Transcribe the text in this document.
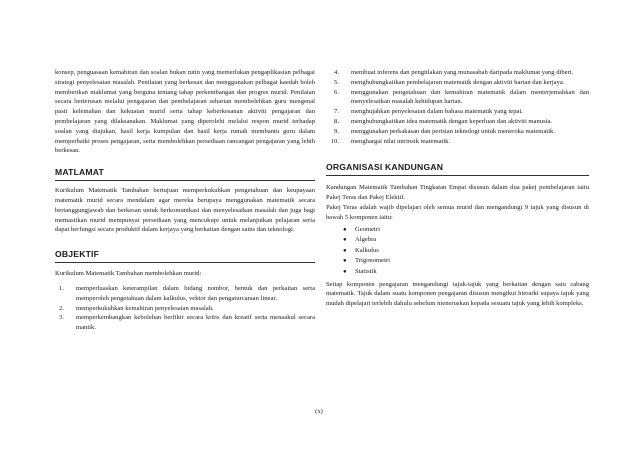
konsep, penguasaan kemahiran dan soalan bukan rutin yang memerlukan pengaplikasian pelbagai strategi penyelesaian masalah. Penilaian yang berkesan dan menggunakan pelbagai kaedah boleh memberikan maklumat yang berguna tentang tahap perkembangan dan progres murid. Penilaian secara berterusan melalui pengajaran dan pembelajaran seharian membolehkan guru mengenal pasti kelemahan dan kekuatan murid serta tahap keberkesanan aktiviti pengajaran dan pembelajaran yang dilaksanakan. Maklumat yang diperolehi melalui respon murid terhadap soalan yang diajukan, hasil kerja kumpulan dan hasil kerja rumah membantu guru dalam memperbaiki proses pengajaran, serta membolehkan persediaan rancangan pengajaran yang lebih berkesan.

MATLAMAT

Kurikulum Matematik Tambahan bertujuan memperkukuhkan pengetahuan dan keupayaan matematik murid secara mendalam agar mereka berupaya menggunakan matematik secara bertanggungjawab dan berkesan untuk berkomunikasi dan menyelesaikan masalah dan juga bagi memastikan murid mempunyai persediaan yang mencukupi untuk melanjutkan pelajaran serta dapat berfungsi secara produktif dalam kerjaya yang berkaitan dengan sains dan teknologi.

OBJEKTIF

Kurikulum Matematik Tambahan membolehkan murid:

1. memperluaskan keterampilan dalam bidang nombor, bentuk dan perkaitan serta memperoleh pengetahuan dalam kalkulus, vektor dan pengaturcaraan linear.
2. memperkukuhkan kemahiran penyelesaian masalah.
3. memperkembangkan kebolehan berfikir secara kritis dan kreatif serta menaakul secara mantik.
4. membuat inferens dan pengitlakan yang munasabah daripada maklumat yang diberi.
5. menghubungkaitkan pembelajaran matematik dengan aktiviti harian dan kerjaya.
6. menggunakan pengetahuan dan kemahiran matematik dalam menterjemahkan dan menyelesaikan masalah kehidupan harian.
7. menghujahkan penyelesaian dalam bahasa matematik yang tepat.
8. menghubungkaitkan idea matematik dengan keperluan dan aktiviti manusia.
9. menggunakan perkakasan dan perisian teknologi untuk meneroka matematik.
10. menghargai nilai intrinsik matematik.
ORGANISASI KANDUNGAN

Kandungan Matematik Tambahan Tingkatan Empat disusun dalam dua pakej pembelajaran iaitu Pakej Teras dan Pakej Elektif.

Pakej Teras adalah wajib dipelajari oleh semua murid dan mengandungi 9 tajuk yang disusun di bawah 5 komponen iaitu:

● Geometri
● Algebra
● Kalkulus
● Trigonometri
● Statistik

Setiap komponen pengajaran mengandungi tajuk-tajuk yang berkaitan dengan satu cabang matematik. Tajuk dalam suatu komponen pengajaran disusun mengikut hierarki supaya tajuk yang mudah dipelajari terlebih dahulu sebelum meneruskan kepada sesuatu tajuk yang lebih kompleks.

(x)
